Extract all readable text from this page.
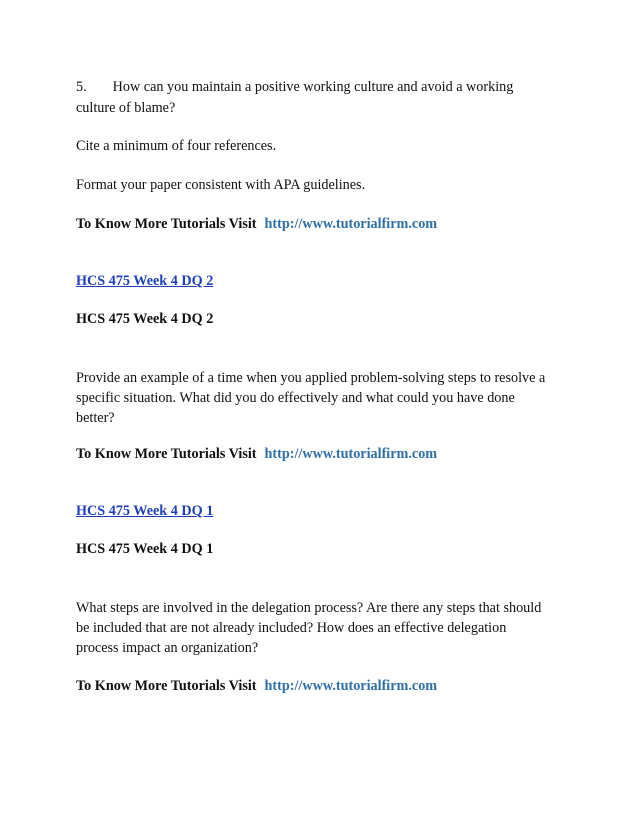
5. How can you maintain a positive working culture and avoid a working
culture of blame?
Cite a minimum of four references.
Format your paper consistent with APA guidelines.
To Know More Tutorials Visit http://www.tutorialfirm.com
HCS 475 Week 4 DQ 2
HCS 475 Week 4 DQ 2
Provide an example of a time when you applied problem-solving steps to resolve a
specific situation. What did you do effectively and what could you have done
better?
To Know More Tutorials Visit http://www.tutorialfirm.com
HCS 475 Week 4 DQ 1
HCS 475 Week 4 DQ 1
What steps are involved in the delegation process? Are there any steps that should
be included that are not already included? How does an effective delegation
process impact an organization?
To Know More Tutorials Visit http://www.tutorialfirm.com
